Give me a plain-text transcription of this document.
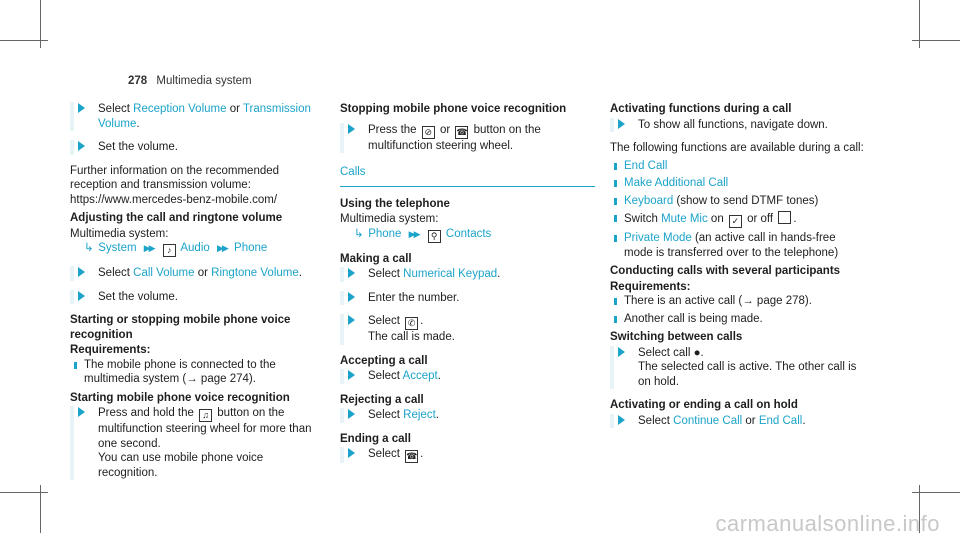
278 Multimedia system
Select Reception Volume or Transmission Volume.
Set the volume.

Further information on the recommended reception and transmission volume: https://www.mercedes-benz-mobile.com/

Adjusting the call and ringtone volume
Multimedia system:
↳ System ▶▶ ♪ Audio ▶▶ Phone
Select Call Volume or Ringtone Volume.
Set the volume.
Starting or stopping mobile phone voice recognition
Requirements:
The mobile phone is connected to the multimedia system (→ page 274).
Starting mobile phone voice recognition
Press and hold the ♫ button on the multifunction steering wheel for more than one second.
You can use mobile phone voice recognition.
Stopping mobile phone voice recognition
Press the ⊘ or ☎ button on the multifunction steering wheel.
Calls
Using the telephone
Multimedia system:
↳ Phone ▶▶ ⚲ Contacts
Making a call
Select Numerical Keypad.
Enter the number.
Select ✆ .
The call is made.
Accepting a call
Select Accept.
Rejecting a call
Select Reject.
Ending a call
Select ☎ .
Activating functions during a call
To show all functions, navigate down.

The following functions are available during a call:

End Call
Make Additional Call
Keyboard (show to send DTMF tones)
Switch Mute Mic on ✓ or off .
Private Mode (an active call in hands-free mode is transferred over to the telephone)
Conducting calls with several participants
Requirements:
There is an active call (→ page 278).
Another call is being made.
Switching between calls
Select call ●.
The selected call is active. The other call is on hold.
Activating or ending a call on hold
Select Continue Call or End Call.
carmanualsonline.info
